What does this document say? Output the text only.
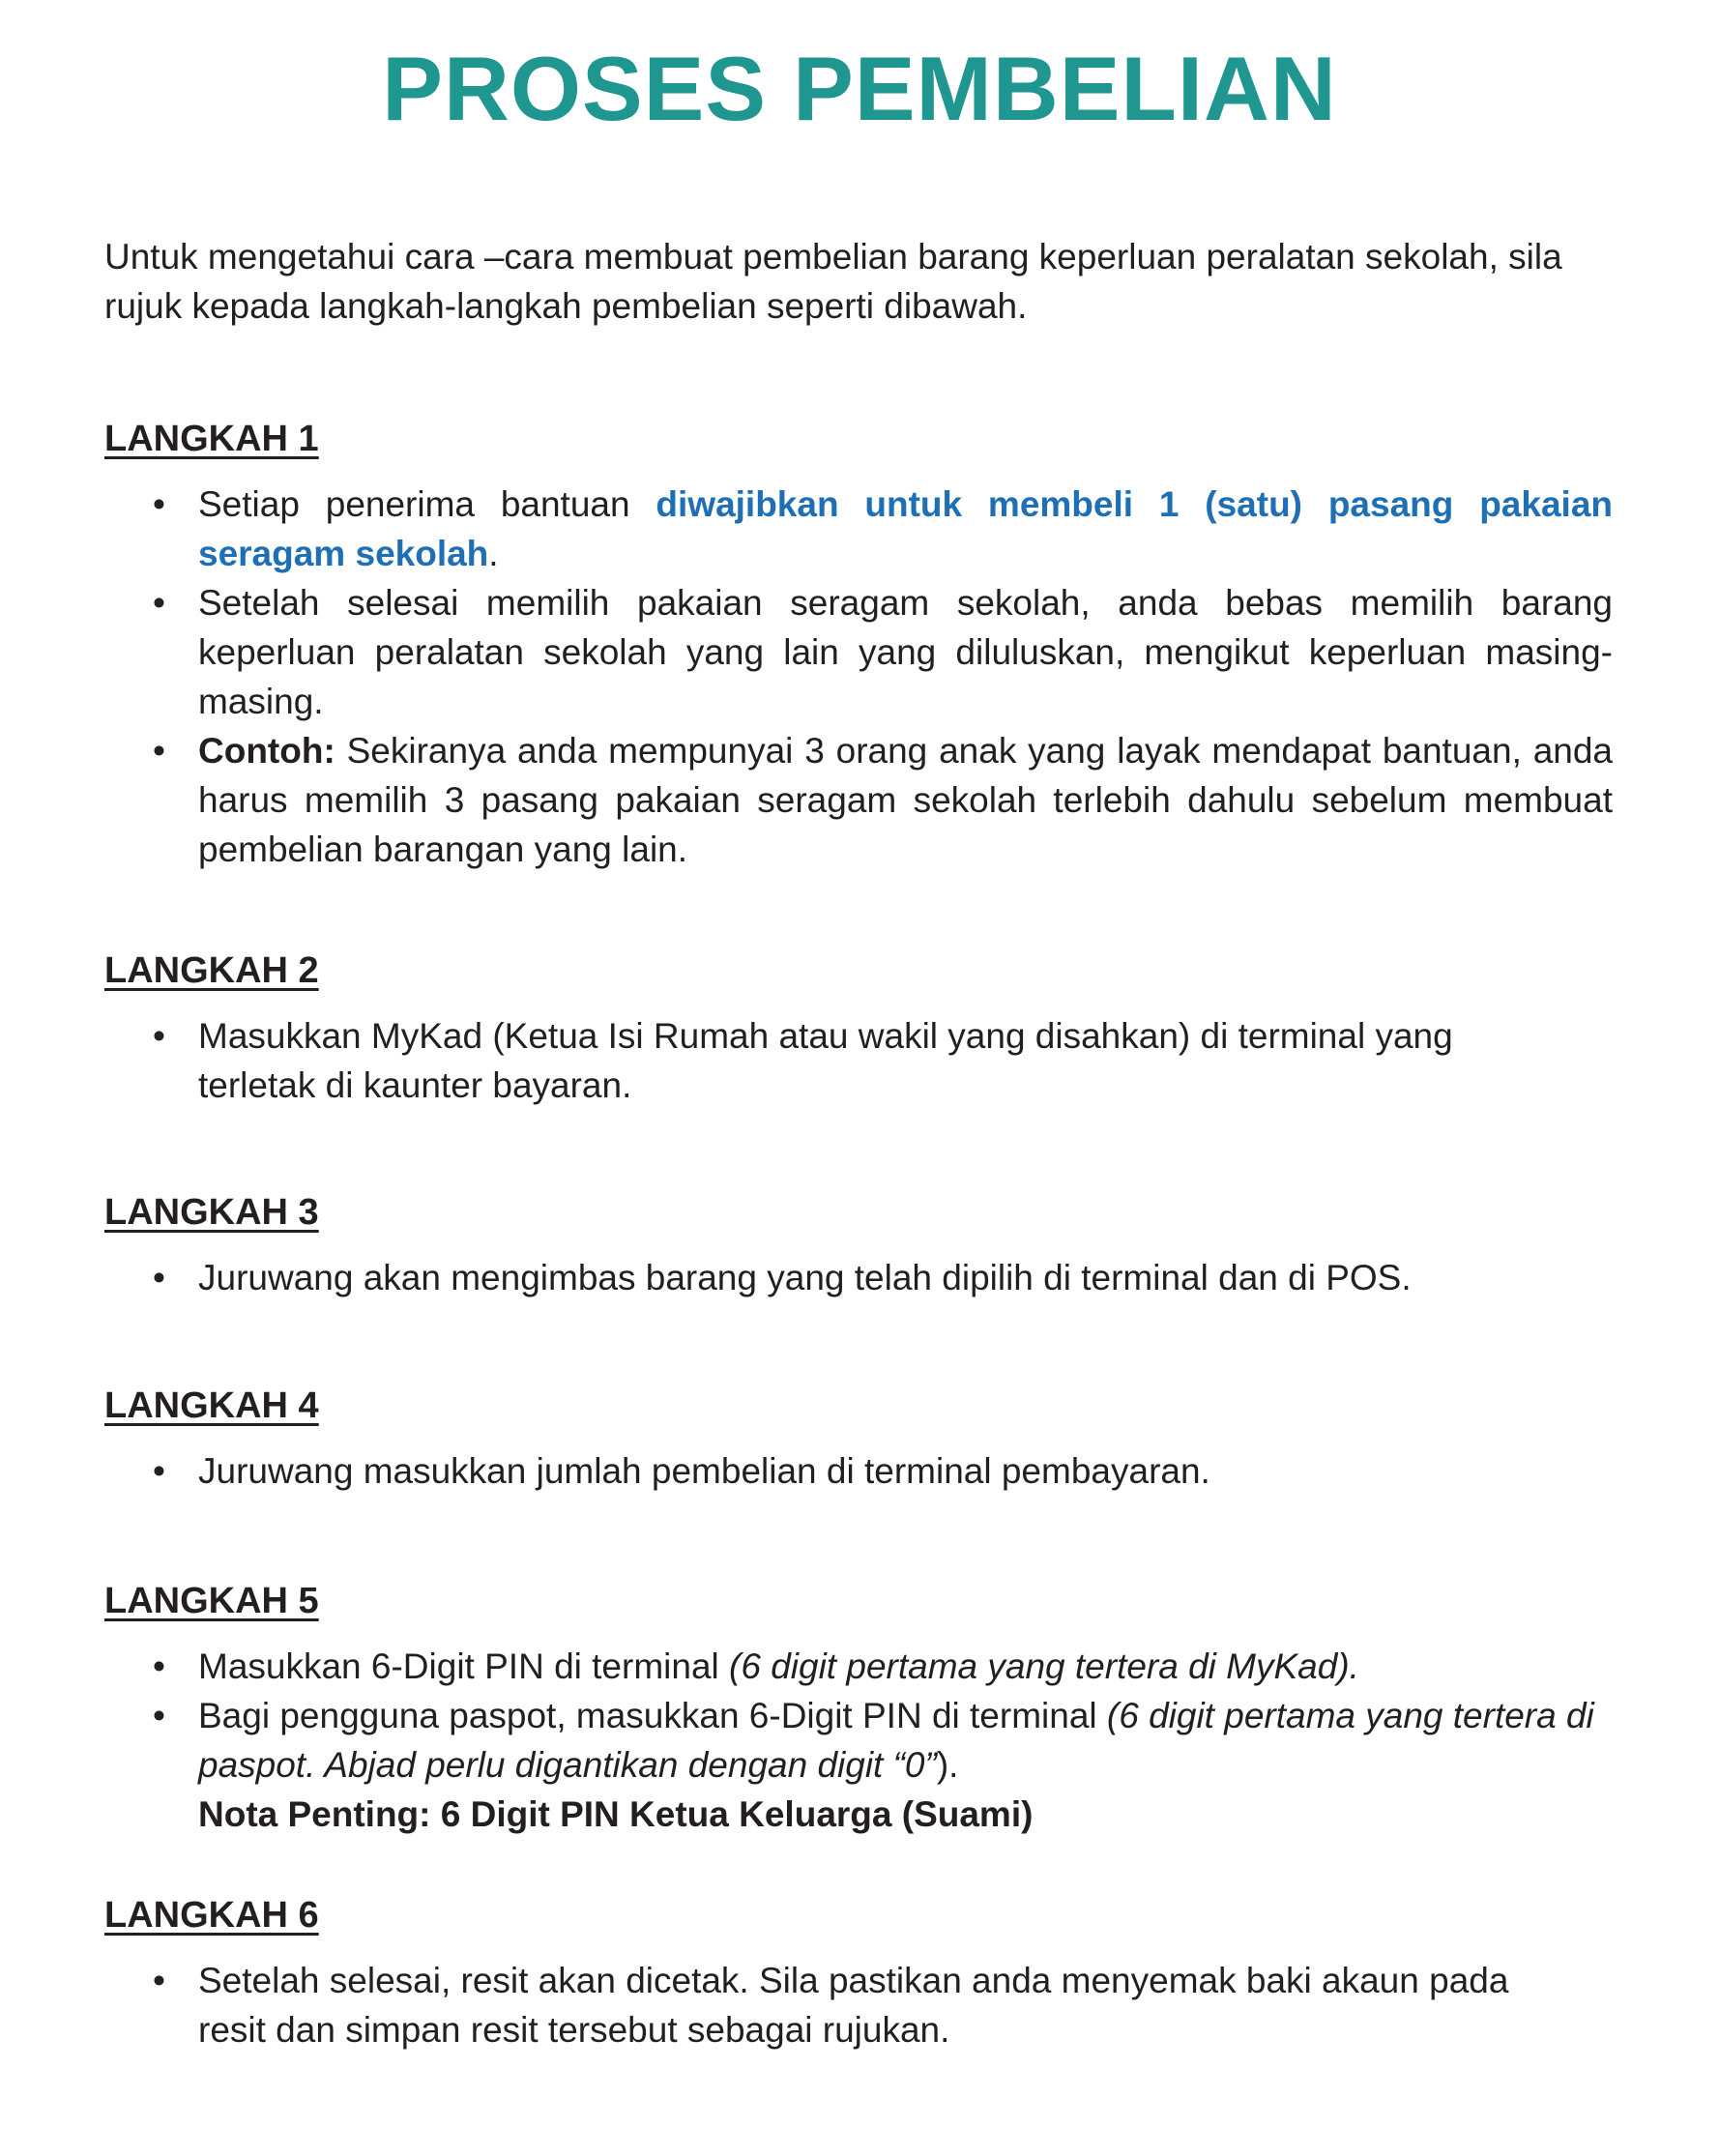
PROSES PEMBELIAN

Untuk mengetahui cara –cara membuat pembelian barang keperluan peralatan sekolah, sila rujuk kepada langkah-langkah pembelian seperti dibawah.

LANGKAH 1
• Setiap penerima bantuan diwajibkan untuk membeli 1 (satu) pasang pakaian seragam sekolah.
• Setelah selesai memilih pakaian seragam sekolah, anda bebas memilih barang keperluan peralatan sekolah yang lain yang diluluskan, mengikut keperluan masing-masing.
• Contoh: Sekiranya anda mempunyai 3 orang anak yang layak mendapat bantuan, anda harus memilih 3 pasang pakaian seragam sekolah terlebih dahulu sebelum membuat pembelian barangan yang lain.
LANGKAH 2
• Masukkan MyKad (Ketua Isi Rumah atau wakil yang disahkan) di terminal yang terletak di kaunter bayaran.
LANGKAH 3
• Juruwang akan mengimbas barang yang telah dipilih di terminal dan di POS.
LANGKAH 4
• Juruwang masukkan jumlah pembelian di terminal pembayaran.
LANGKAH 5
• Masukkan 6-Digit PIN di terminal (6 digit pertama yang tertera di MyKad).
• Bagi pengguna paspot, masukkan 6-Digit PIN di terminal (6 digit pertama yang tertera di paspot. Abjad perlu digantikan dengan digit “0”).
Nota Penting: 6 Digit PIN Ketua Keluarga (Suami)
LANGKAH 6
• Setelah selesai, resit akan dicetak. Sila pastikan anda menyemak baki akaun pada resit dan simpan resit tersebut sebagai rujukan.
